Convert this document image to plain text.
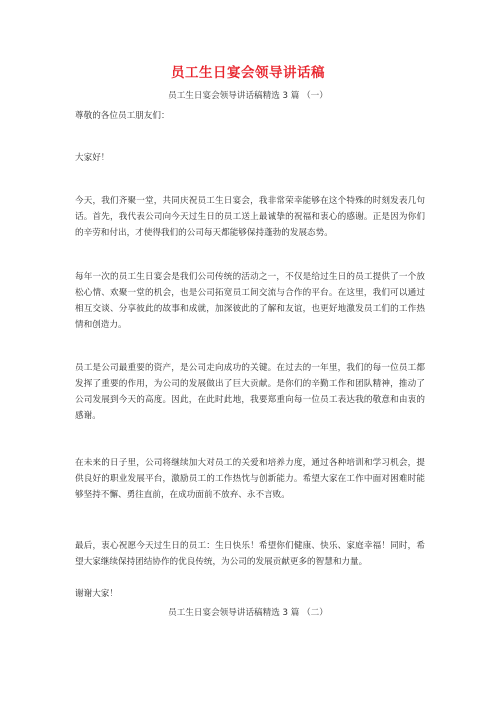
员工生日宴会领导讲话稿
员工生日宴会领导讲话稿精选 3 篇 （一）
尊敬的各位员工朋友们：
大家好！
今天，我们齐聚一堂，共同庆祝员工生日宴会，我非常荣幸能够在这个特殊的时刻发表几句话。首先，我代表公司向今天过生日的员工送上最诚挚的祝福和衷心的感谢。正是因为你们的辛劳和付出，才使得我们的公司每天都能够保持蓬勃的发展态势。
每年一次的员工生日宴会是我们公司传统的活动之一，不仅是给过生日的员工提供了一个放松心情、欢聚一堂的机会，也是公司拓宽员工间交流与合作的平台。在这里，我们可以通过相互交谈、分享彼此的故事和成就，加深彼此的了解和友谊，也更好地激发员工们的工作热情和创造力。
员工是公司最重要的资产，是公司走向成功的关键。在过去的一年里，我们的每一位员工都发挥了重要的作用，为公司的发展做出了巨大贡献。是你们的辛勤工作和团队精神，推动了公司发展到今天的高度。因此，在此时此地，我要郑重向每一位员工表达我的敬意和由衷的感谢。
在未来的日子里，公司将继续加大对员工的关爱和培养力度，通过各种培训和学习机会，提供良好的职业发展平台，激励员工的工作热忱与创新能力。希望大家在工作中面对困难时能够坚持不懈、勇往直前，在成功面前不放弃、永不言败。
最后，衷心祝愿今天过生日的员工：生日快乐！希望你们健康、快乐、家庭幸福！同时，希望大家继续保持团结协作的优良传统，为公司的发展贡献更多的智慧和力量。
谢谢大家！
员工生日宴会领导讲话稿精选 3 篇 （二）
